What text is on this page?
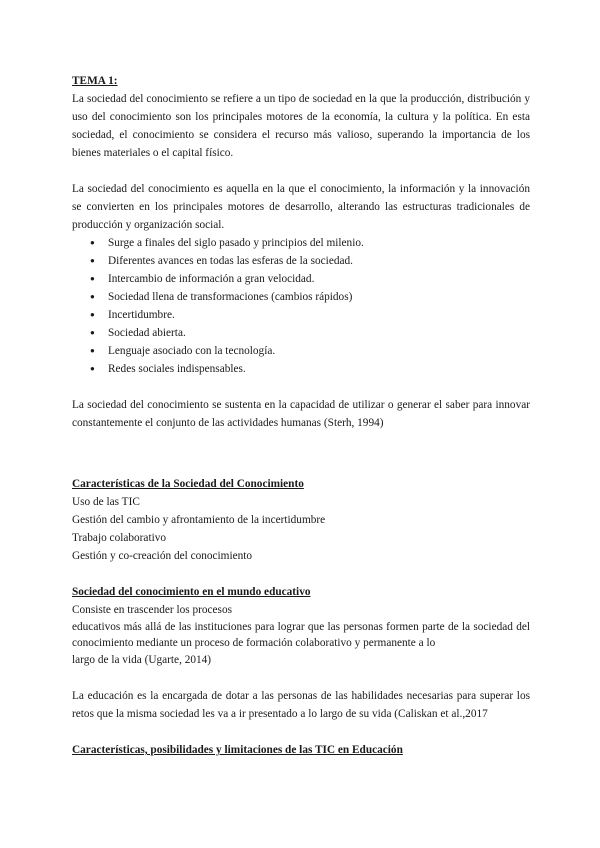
TEMA 1:

La sociedad del conocimiento se refiere a un tipo de sociedad en la que la producción, distribución y uso del conocimiento son los principales motores de la economía, la cultura y la política. En esta sociedad, el conocimiento se considera el recurso más valioso, superando la importancia de los bienes materiales o el capital físico.

La sociedad del conocimiento es aquella en la que el conocimiento, la información y la innovación se convierten en los principales motores de desarrollo, alterando las estructuras tradicionales de producción y organización social.

● Surge a finales del siglo pasado y principios del milenio.
● Diferentes avances en todas las esferas de la sociedad.
● Intercambio de información a gran velocidad.
● Sociedad llena de transformaciones (cambios rápidos)
● Incertidumbre.
● Sociedad abierta.
● Lenguaje asociado con la tecnología.
● Redes sociales indispensables.

La sociedad del conocimiento se sustenta en la capacidad de utilizar o generar el saber para innovar constantemente el conjunto de las actividades humanas (Sterh, 1994)

Características de la Sociedad del Conocimiento

Uso de las TIC

Gestión del cambio y afrontamiento de la incertidumbre

Trabajo colaborativo

Gestión y co-creación del conocimiento

Sociedad del conocimiento en el mundo educativo

Consiste en trascender los procesos

educativos más allá de las instituciones para lograr que las personas formen parte de la sociedad del conocimiento mediante un proceso de formación colaborativo y permanente a lo

largo de la vida (Ugarte, 2014)

La educación es la encargada de dotar a las personas de las habilidades necesarias para superar los retos que la misma sociedad les va a ir presentado a lo largo de su vida (Caliskan et al.,2017

Características, posibilidades y limitaciones de las TIC en Educación
